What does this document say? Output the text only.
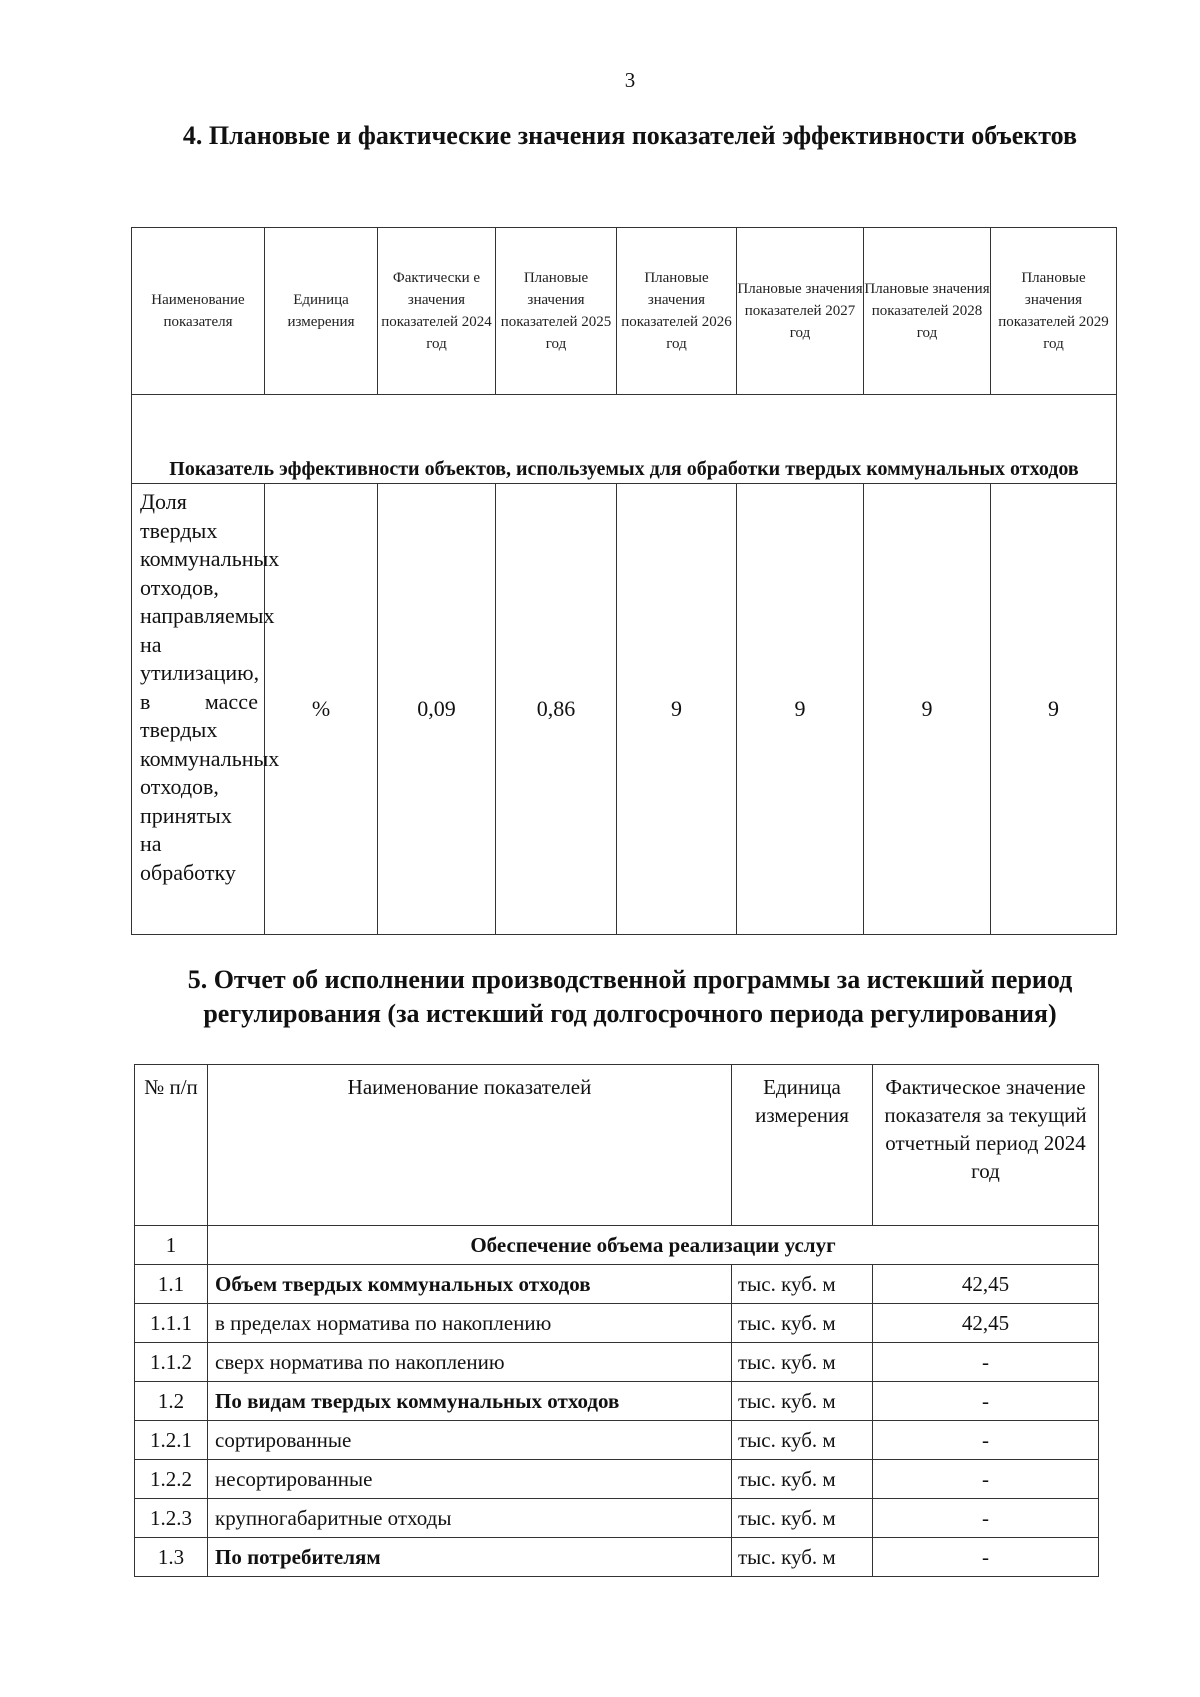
3
4. Плановые и фактические значения показателей эффективности объектов
Наименование показателя	Единица измерения	Фактически е значения показателей 2024 год	Плановые значения показателей 2025 год	Плановые значения показателей 2026 год	Плановые значения показателей 2027 год	Плановые значения показателей 2028 год	Плановые значения показателей 2029 год
Показатель эффективности объектов, используемых для обработки твердых коммунальных отходов							
Доля твердых коммунальных отходов, направляемых на утилизацию, в массе твердых коммунальных отходов, принятых на обработку	%	0,09	0,86	9	9	9	9
5. Отчет об исполнении производственной программы за истекший период регулирования (за истекший год долгосрочного периода регулирования)
№ п/п	Наименование показателей	Единица измерения	Фактическое значение показателя за текущий отчетный период 2024 год
1	Обеспечение объема реализации услуг		
1.1	Объем твердых коммунальных отходов	тыс. куб. м	42,45
1.1.1	в пределах норматива по накоплению	тыс. куб. м	42,45
1.1.2	сверх норматива по накоплению	тыс. куб. м	-
1.2	По видам твердых коммунальных отходов	тыс. куб. м	-
1.2.1	сортированные	тыс. куб. м	-
1.2.2	несортированные	тыс. куб. м	-
1.2.3	крупногабаритные отходы	тыс. куб. м	-
1.3	По потребителям	тыс. куб. м	-
